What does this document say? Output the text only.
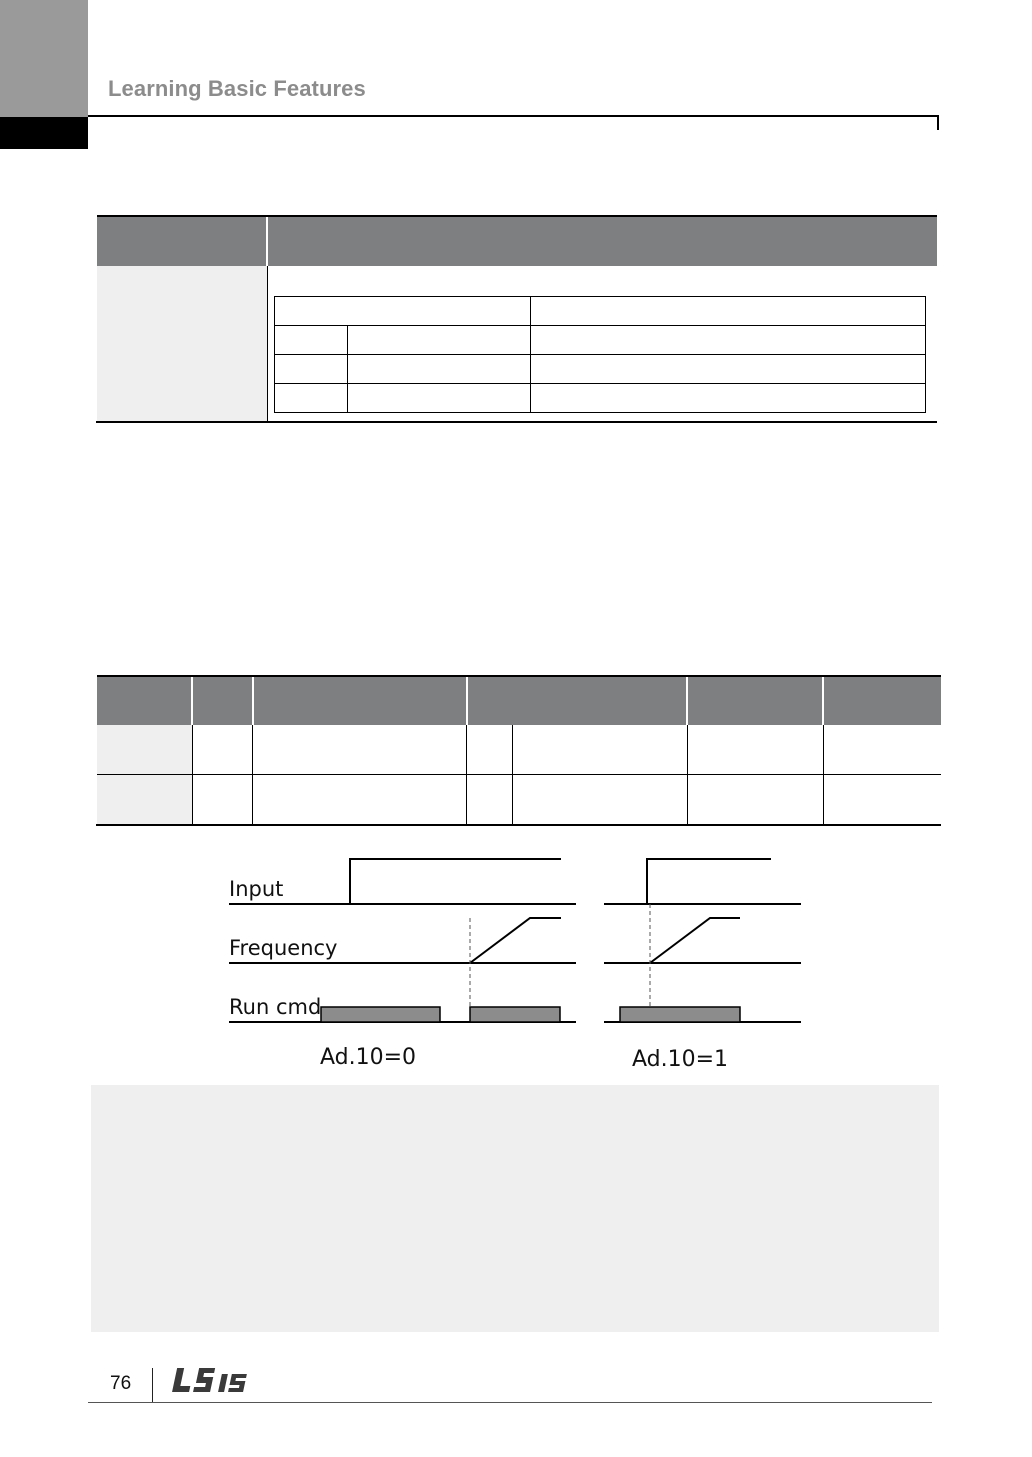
Learning Basic Features

Input
Frequency
Run cmd
Ad.10=0	Ad.10=1
76
